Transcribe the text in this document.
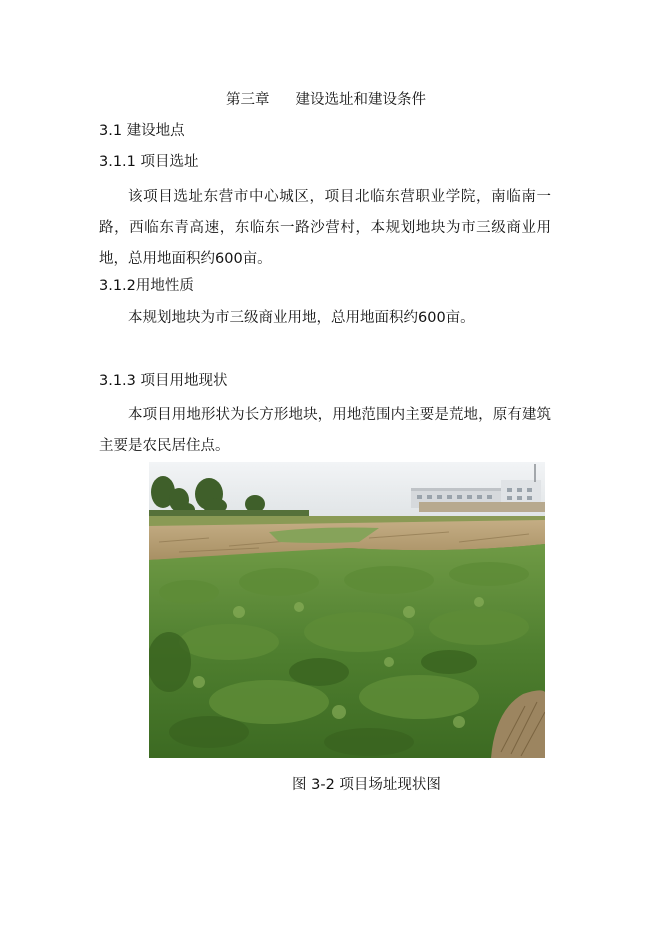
第三章 建设选址和建设条件
3.1 建设地点
3.1.1 项目选址
该项目选址东营市中心城区，项目北临东营职业学院，南临南一路，西临东青高速，东临东一路沙营村，本规划地块为市三级商业用地，总用地面积约600亩。
3.1.2用地性质
本规划地块为市三级商业用地，总用地面积约600亩。
3.1.3 项目用地现状
本项目用地形状为长方形地块，用地范围内主要是荒地，原有建筑主要是农民居住点。
图 3-2 项目场址现状图
